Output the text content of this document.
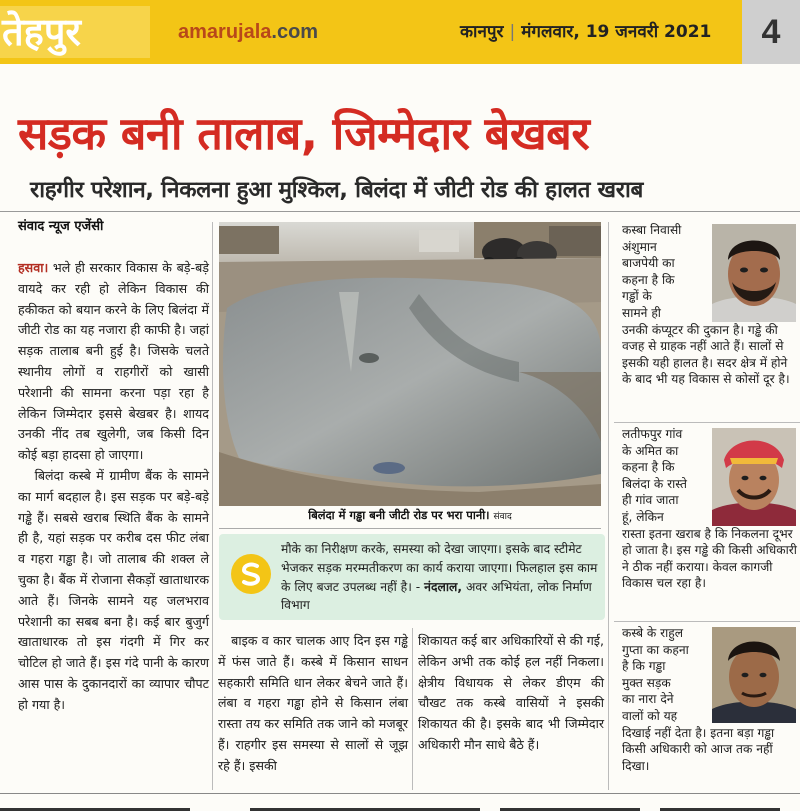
तेहपुर	amarujala.com	कानपुर | मंगलवार, 19 जनवरी 2021	4
सड़क बनी तालाब, जिम्मेदार बेखबर
राहगीर परेशान, निकलना हुआ मुश्किल, बिलंदा में जीटी रोड की हालत खराब
संवाद न्यूज एजेंसी

हसवा। भले ही सरकार विकास के बड़े-बड़े वायदे कर रही हो लेकिन विकास की हकीकत को बयान करने के लिए बिलंदा में जीटी रोड का यह नजारा ही काफी है। जहां सड़क तालाब बनी हुई है। जिसके चलते स्थानीय लोगों व राहगीरों को खासी परेशानी की सामना करना पड़ा रहा है लेकिन जिम्मेदार इससे बेखबर है। शायद उनकी नींद तब खुलेगी, जब किसी दिन कोई बड़ा हादसा हो जाएगा।

बिलंदा कस्बे में ग्रामीण बैंक के सामने का मार्ग बदहाल है। इस सड़क पर बड़े-बड़े गड्ढे हैं। सबसे खराब स्थिति बैंक के सामने ही है, यहां सड़क पर करीब दस फीट लंबा व गहरा गड्ढा है। जो तालाब की शक्ल ले चुका है। बैंक में रोजाना सैकड़ों खाताधारक आते हैं। जिनके सामने यह जलभराव परेशानी का सबब बना है। कई बार बुजुर्ग खाताधारक तो इस गंदगी में गिर कर चोटिल हो जाते हैं। इस गंदे पानी के कारण आस पास के दुकानदारों का व्यापार चौपट हो गया है।

बिलंदा में गड्ढा बनी जीटी रोड पर भरा पानी। संवाद
मौके का निरीक्षण करके, समस्या को देखा जाएगा। इसके बाद स्टीमेट भेजकर सड़क मरम्मतीकरण का कार्य कराया जाएगा। फिलहाल इस काम के लिए बजट उपलब्ध नहीं है। - नंदलाल, अवर अभियंता, लोक निर्माण विभाग

बाइक व कार चालक आए दिन इस गड्ढे में फंस जाते हैं। कस्बे में किसान साधन सहकारी समिति धान लेकर बेचने जाते हैं। लंबा व गहरा गड्ढा होने से किसान लंबा रास्ता तय कर समिति तक जाने को मजबूर हैं। राहगीर इस समस्या से सालों से जूझ रहे हैं। इसकी

शिकायत कई बार अधिकारियों से की गई, लेकिन अभी तक कोई हल नहीं निकला। क्षेत्रीय विधायक से लेकर डीएम की चौखट तक कस्बे वासियों ने इसकी शिकायत की है। इसके बाद भी जिम्मेदार अधिकारी मौन साधे बैठे हैं।

कस्बा निवासी
अंशुमान
बाजपेयी का
कहना है कि
गड्ढों के
सामने ही
उनकी कंप्यूटर की दुकान है। गड्ढे की वजह से ग्राहक नहीं आते हैं। सालों से इसकी यही हालत है। सदर क्षेत्र में होने के बाद भी यह विकास से कोसों दूर है।
लतीफपुर गांव
के अमित का
कहना है कि
बिलंदा के रास्ते
ही गांव जाता
हूं, लेकिन
रास्ता इतना खराब है कि निकलना दूभर हो जाता है। इस गड्ढे की किसी अधिकारी ने ठीक नहीं कराया। केवल कागजी विकास चल रहा है।
कस्बे के राहुल
गुप्ता का कहना
है कि गड्ढा
मुक्त सड़क
का नारा देने
वालों को यह
दिखाई नहीं देता है। इतना बड़ा गड्ढा किसी अधिकारी को आज तक नहीं दिखा।
